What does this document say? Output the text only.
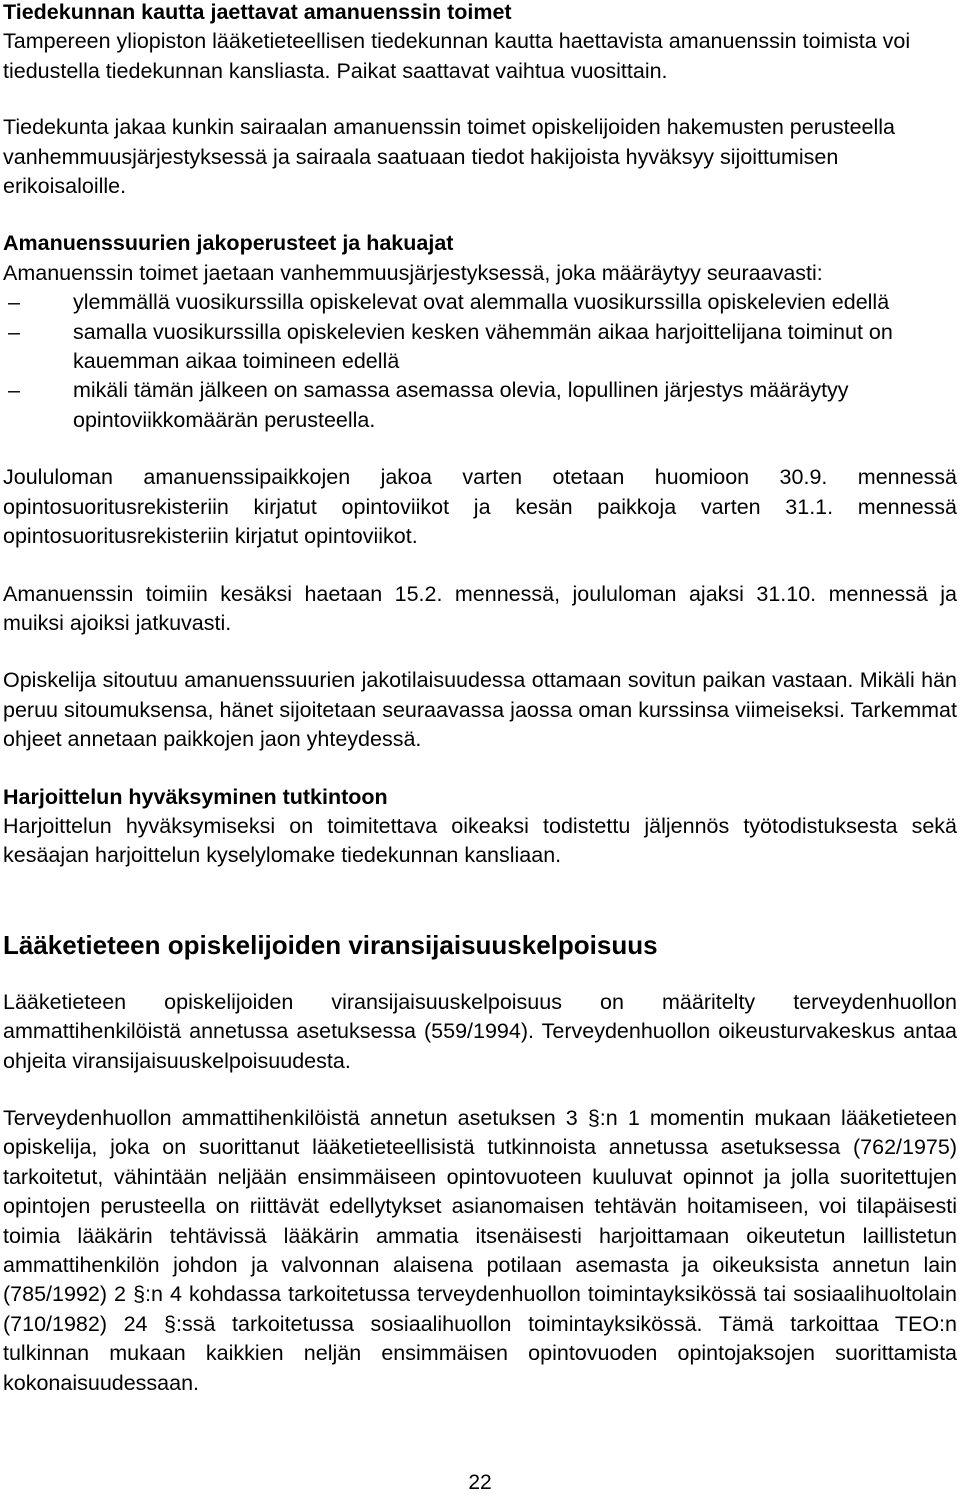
Tiedekunnan kautta jaettavat amanuenssin toimet

Tampereen yliopiston lääketieteellisen tiedekunnan kautta haettavista amanuenssin toimista voi tiedustella tiedekunnan kansliasta. Paikat saattavat vaihtua vuosittain.

Tiedekunta jakaa kunkin sairaalan amanuenssin toimet opiskelijoiden hakemusten perusteella vanhemmuusjärjestyksessä ja sairaala saatuaan tiedot hakijoista hyväksyy sijoittumisen erikoisaloille.

Amanuenssuurien jakoperusteet ja hakuajat

Amanuenssin toimet jaetaan vanhemmuusjärjestyksessä, joka määräytyy seuraavasti:

– ylemmällä vuosikurssilla opiskelevat ovat alemmalla vuosikurssilla opiskelevien edellä
– samalla vuosikurssilla opiskelevien kesken vähemmän aikaa harjoittelijana toiminut on kauemman aikaa toimineen edellä
– mikäli tämän jälkeen on samassa asemassa olevia, lopullinen järjestys määräytyy opintoviikkomäärän perusteella.

Joululoman amanuenssipaikkojen jakoa varten otetaan huomioon 30.9. mennessä opintosuoritusrekisteriin kirjatut opintoviikot ja kesän paikkoja varten 31.1. mennessä opintosuoritusrekisteriin kirjatut opintoviikot.

Amanuenssin toimiin kesäksi haetaan 15.2. mennessä, joululoman ajaksi 31.10. mennessä ja muiksi ajoiksi jatkuvasti.

Opiskelija sitoutuu amanuenssuurien jakotilaisuudessa ottamaan sovitun paikan vastaan. Mikäli hän peruu sitoumuksensa, hänet sijoitetaan seuraavassa jaossa oman kurssinsa viimeiseksi. Tarkemmat ohjeet annetaan paikkojen jaon yhteydessä.

Harjoittelun hyväksyminen tutkintoon

Harjoittelun hyväksymiseksi on toimitettava oikeaksi todistettu jäljennös työtodistuksesta sekä kesäajan harjoittelun kyselylomake tiedekunnan kansliaan.

Lääketieteen opiskelijoiden viransijaisuuskelpoisuus

Lääketieteen opiskelijoiden viransijaisuuskelpoisuus on määritelty terveydenhuollon ammattihenkilöistä annetussa asetuksessa (559/1994). Terveydenhuollon oikeusturvakeskus antaa ohjeita viransijaisuuskelpoisuudesta.

Terveydenhuollon ammattihenkilöistä annetun asetuksen 3 §:n 1 momentin mukaan lääketieteen opiskelija, joka on suorittanut lääketieteellisistä tutkinnoista annetussa asetuksessa (762/1975) tarkoitetut, vähintään neljään ensimmäiseen opintovuoteen kuuluvat opinnot ja jolla suoritettujen opintojen perusteella on riittävät edellytykset asianomaisen tehtävän hoitamiseen, voi tilapäisesti toimia lääkärin tehtävissä lääkärin ammatia itsenäisesti harjoittamaan oikeutetun laillistetun ammattihenkilön johdon ja valvonnan alaisena potilaan asemasta ja oikeuksista annetun lain (785/1992) 2 §:n 4 kohdassa tarkoitetussa terveydenhuollon toimintayksikössä tai sosiaalihuoltolain (710/1982) 24 §:ssä tarkoitetussa sosiaalihuollon toimintayksikössä. Tämä tarkoittaa TEO:n tulkinnan mukaan kaikkien neljän ensimmäisen opintovuoden opintojaksojen suorittamista kokonaisuudessaan.

22
